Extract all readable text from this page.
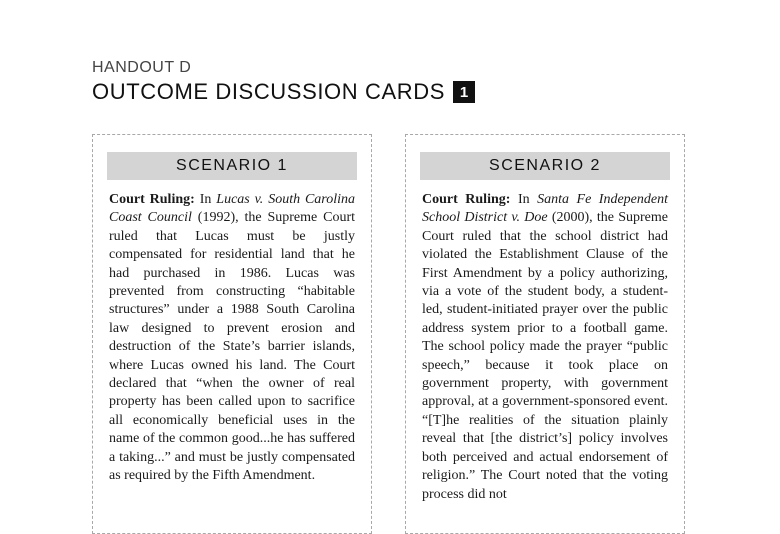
HANDOUT D
OUTCOME DISCUSSION CARDS 1
SCENARIO 1
Court Ruling: In Lucas v. South Carolina Coast Council (1992), the Supreme Court ruled that Lucas must be justly compensated for residential land that he had purchased in 1986. Lucas was prevented from constructing “habitable structures” under a 1988 South Carolina law designed to prevent erosion and destruction of the State’s barrier islands, where Lucas owned his land. The Court declared that “when the owner of real property has been called upon to sacrifice all economically beneficial uses in the name of the common good...he has suffered a taking...” and must be justly compensated as required by the Fifth Amendment.
SCENARIO 2
Court Ruling: In Santa Fe Independent School District v. Doe (2000), the Supreme Court ruled that the school district had violated the Establishment Clause of the First Amendment by a policy authorizing, via a vote of the student body, a student-led, student-initiated prayer over the public address system prior to a football game. The school policy made the prayer “public speech,” because it took place on government property, with government approval, at a government-sponsored event. “[T]he realities of the situation plainly reveal that [the district’s] policy involves both perceived and actual endorsement of religion.” The Court noted that the voting process did not
